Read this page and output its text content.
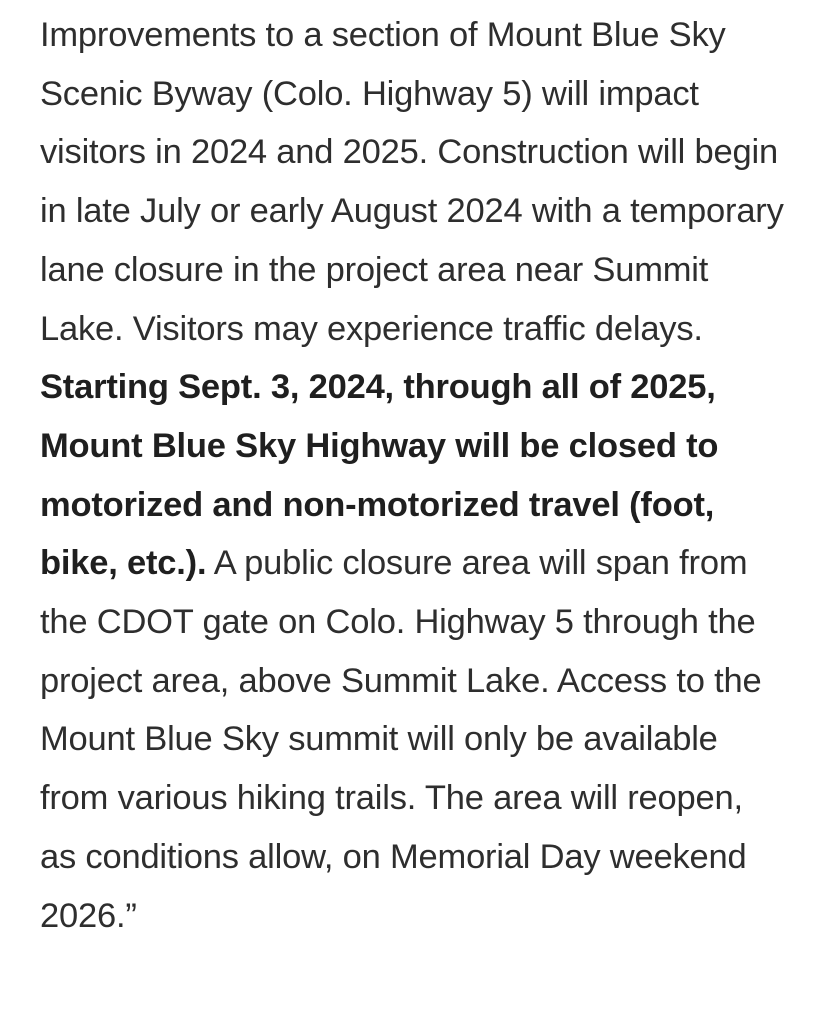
Improvements to a section of Mount Blue Sky Scenic Byway (Colo. Highway 5) will impact visitors in 2024 and 2025. Construction will begin in late July or early August 2024 with a temporary lane closure in the project area near Summit Lake. Visitors may experience traffic delays. Starting Sept. 3, 2024, through all of 2025, Mount Blue Sky Highway will be closed to motorized and non-motorized travel (foot, bike, etc.). A public closure area will span from the CDOT gate on Colo. Highway 5 through the project area, above Summit Lake. Access to the Mount Blue Sky summit will only be available from various hiking trails. The area will reopen, as conditions allow, on Memorial Day weekend 2026.”
